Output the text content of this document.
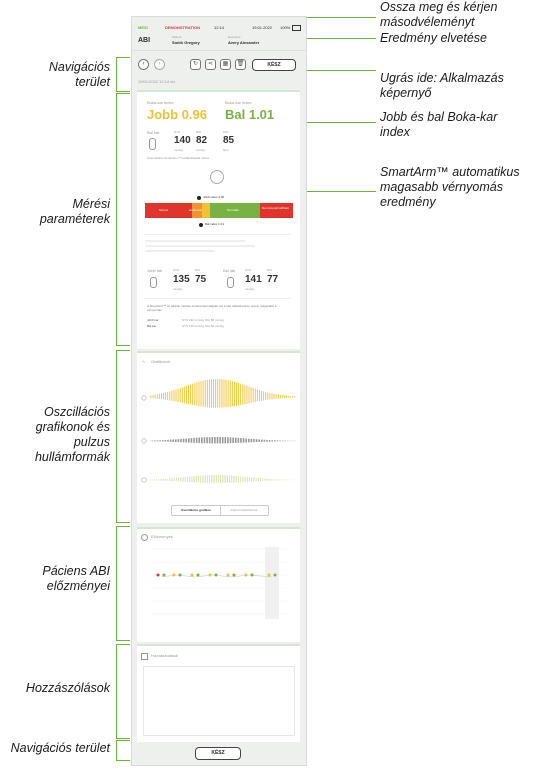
Ossza meg és kérjen másodvéleményt
Eredmény elvetése
Ugrás ide: Alkalmazás képernyő
Jobb és bal Boka-kar index
SmartArm™ automatikus magasabb vérnyomás eredmény
Navigációs terület
Mérési paraméterek
Oszcillációs grafikonok és pulzus hullámformák
Páciens ABI előzményei
Hozzászólások
Navigációs terület
MESI	DEMONSTRATION	12:14	19.01.2022 100%
ABI	Patient
Smith Gregory
Examiner
Avery Alexander
‹	›	↻	⋖	▦	🗑	KÉSZ
19/01/2022 12:14 du.
Boka-kar index
Jobb 0.96
Boka-kar index
Bal 1.01
Bal kar	SYS
140
mmHg
DIA
82
mmHg
PUL
85
bpm
Automatikus SmartArm™ kiválasztással mérve
Jobb index 0.96
Súlyos	Határeset	Normális	Nem komprimálható
Bal index 1.01
Jobb láb	SYS	DIA
135 75
mmHg
Bal láb	SYS	DIA
141 77
mmHg
A SmartArm™ az adatok mérése eredményét alapján ezt a kart választotta ki, amely magasabb a vérnyomás.
Jobb kar	SYS 132 mmHg, DIA 80 mmHg
Bal kar	SYS 140 mmHg, DIA 82 mmHg
∿ Grafikonok
Oszcillációs grafikon	Pulzus hullámforma
Előzmények
Hozzászólások
KÉSZ
